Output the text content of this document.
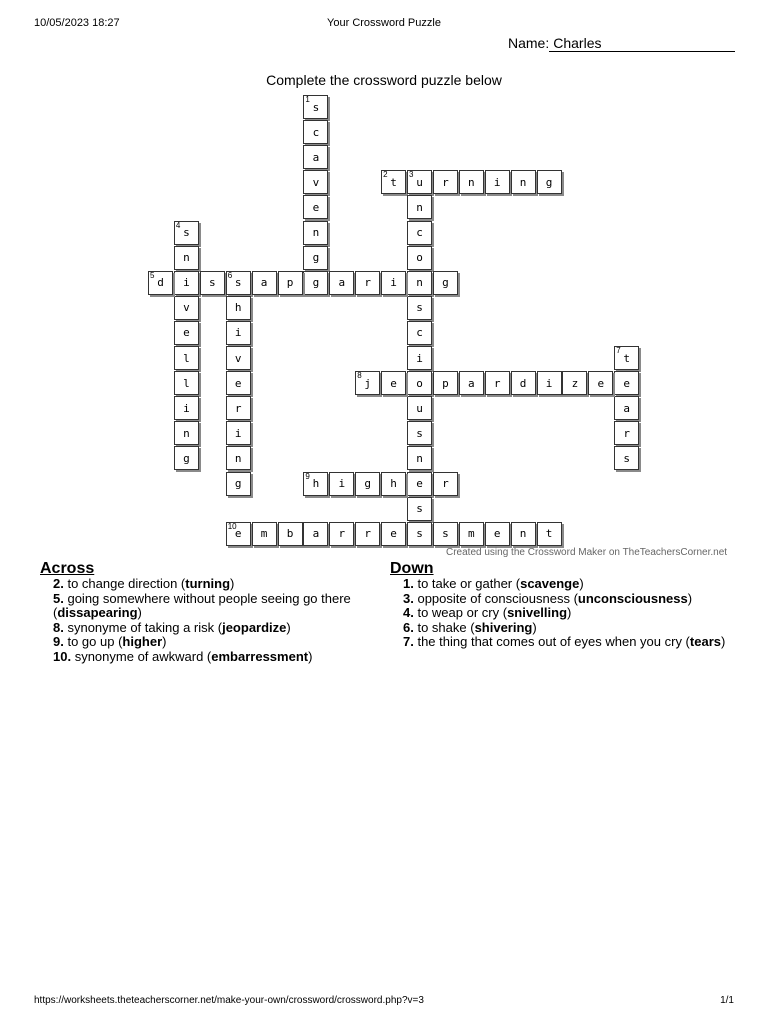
10/05/2023 18:27	Your Crossword Puzzle
Name: Charles
Complete the crossword puzzle below
s
1
c
a
v
e
n
g
g
t
2
u
3
r n i n g
n
c
o
n
s
c
i
o
u
s
n
e
s
s
4
n
i
v
e
l
l
i
n
g
d
5
s s
6
a p	a r i	g
h
i
v
e
r
i
n
g
t
7
e
a
r
s
j
8
e	p a r d i z e
h
9
i g h	r
e
10
m b a r r e s s m e n t
Created using the Crossword Maker on TheTeachersCorner.net
Across
2. to change direction (turning)
5. going somewhere without people seeing go there (dissapearing)
8. synonyme of taking a risk (jeopardize)
9. to go up (higher)
10. synonyme of awkward (embarressment)
Down
1. to take or gather (scavenge)
3. opposite of consciousness (unconsciousness)
4. to weap or cry (snivelling)
6. to shake (shivering)
7. the thing that comes out of eyes when you cry (tears)
https://worksheets.theteacherscorner.net/make-your-own/crossword/crossword.php?v=3	1/1
